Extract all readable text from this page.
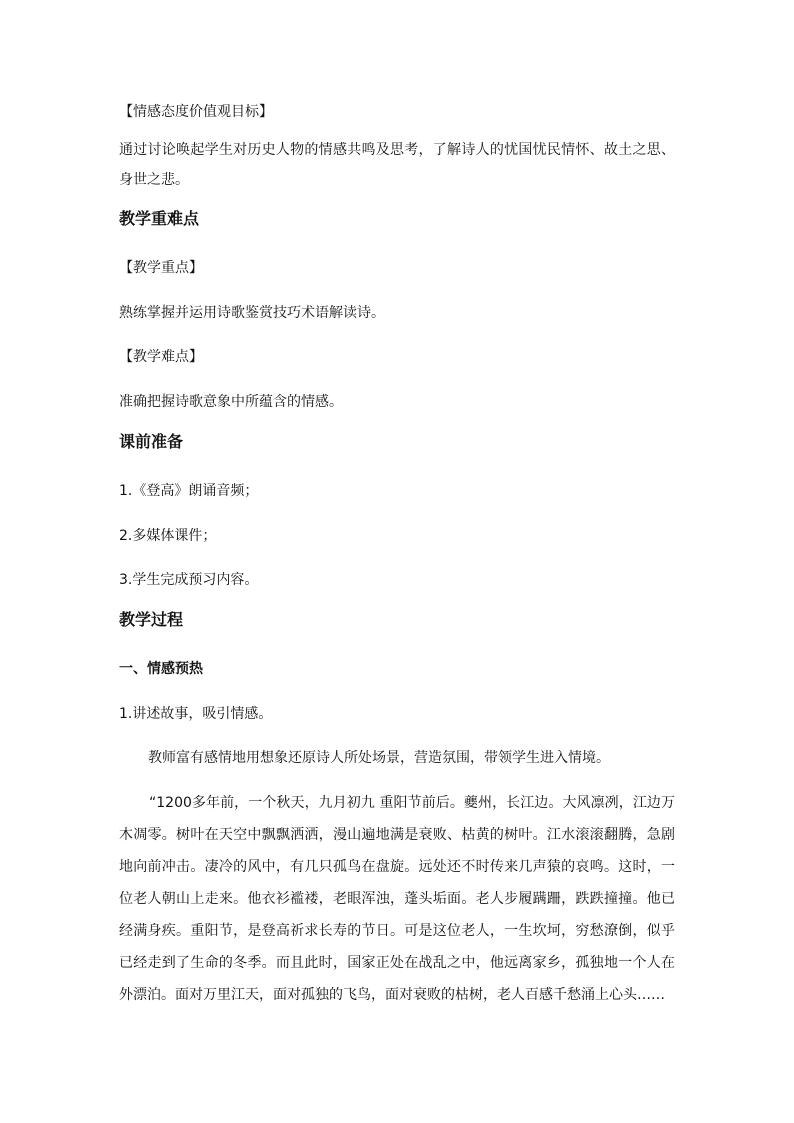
【情感态度价值观目标】
通过讨论唤起学生对历史人物的情感共鸣及思考，了解诗人的忧国忧民情怀、故土之思、身世之悲。
教学重难点
【教学重点】
熟练掌握并运用诗歌鉴赏技巧术语解读诗。
【教学难点】
准确把握诗歌意象中所蕴含的情感。
课前准备
1.《登高》朗诵音频；
2.多媒体课件；
3.学生完成预习内容。
教学过程
一、情感预热
1.讲述故事，吸引情感。
教师富有感情地用想象还原诗人所处场景，营造氛围，带领学生进入情境。
“1200多年前，一个秋天，九月初九 重阳节前后。夔州，长江边。大风凛冽，江边万木凋零。树叶在天空中飘飘洒洒，漫山遍地满是衰败、枯黄的树叶。江水滚滚翻腾，急剧地向前冲击。凄冷的风中，有几只孤鸟在盘旋。远处还不时传来几声猿的哀鸣。这时，一位老人朝山上走来。他衣衫褴褛，老眼浑浊，蓬头垢面。老人步履蹒跚，跌跌撞撞。他已经满身疾。重阳节，是登高祈求长寿的节日。可是这位老人，一生坎坷，穷愁潦倒，似乎已经走到了生命的冬季。而且此时，国家正处在战乱之中，他远离家乡，孤独地一个人在外漂泊。面对万里江天，面对孤独的飞鸟，面对衰败的枯树，老人百感千愁涌上心头……
